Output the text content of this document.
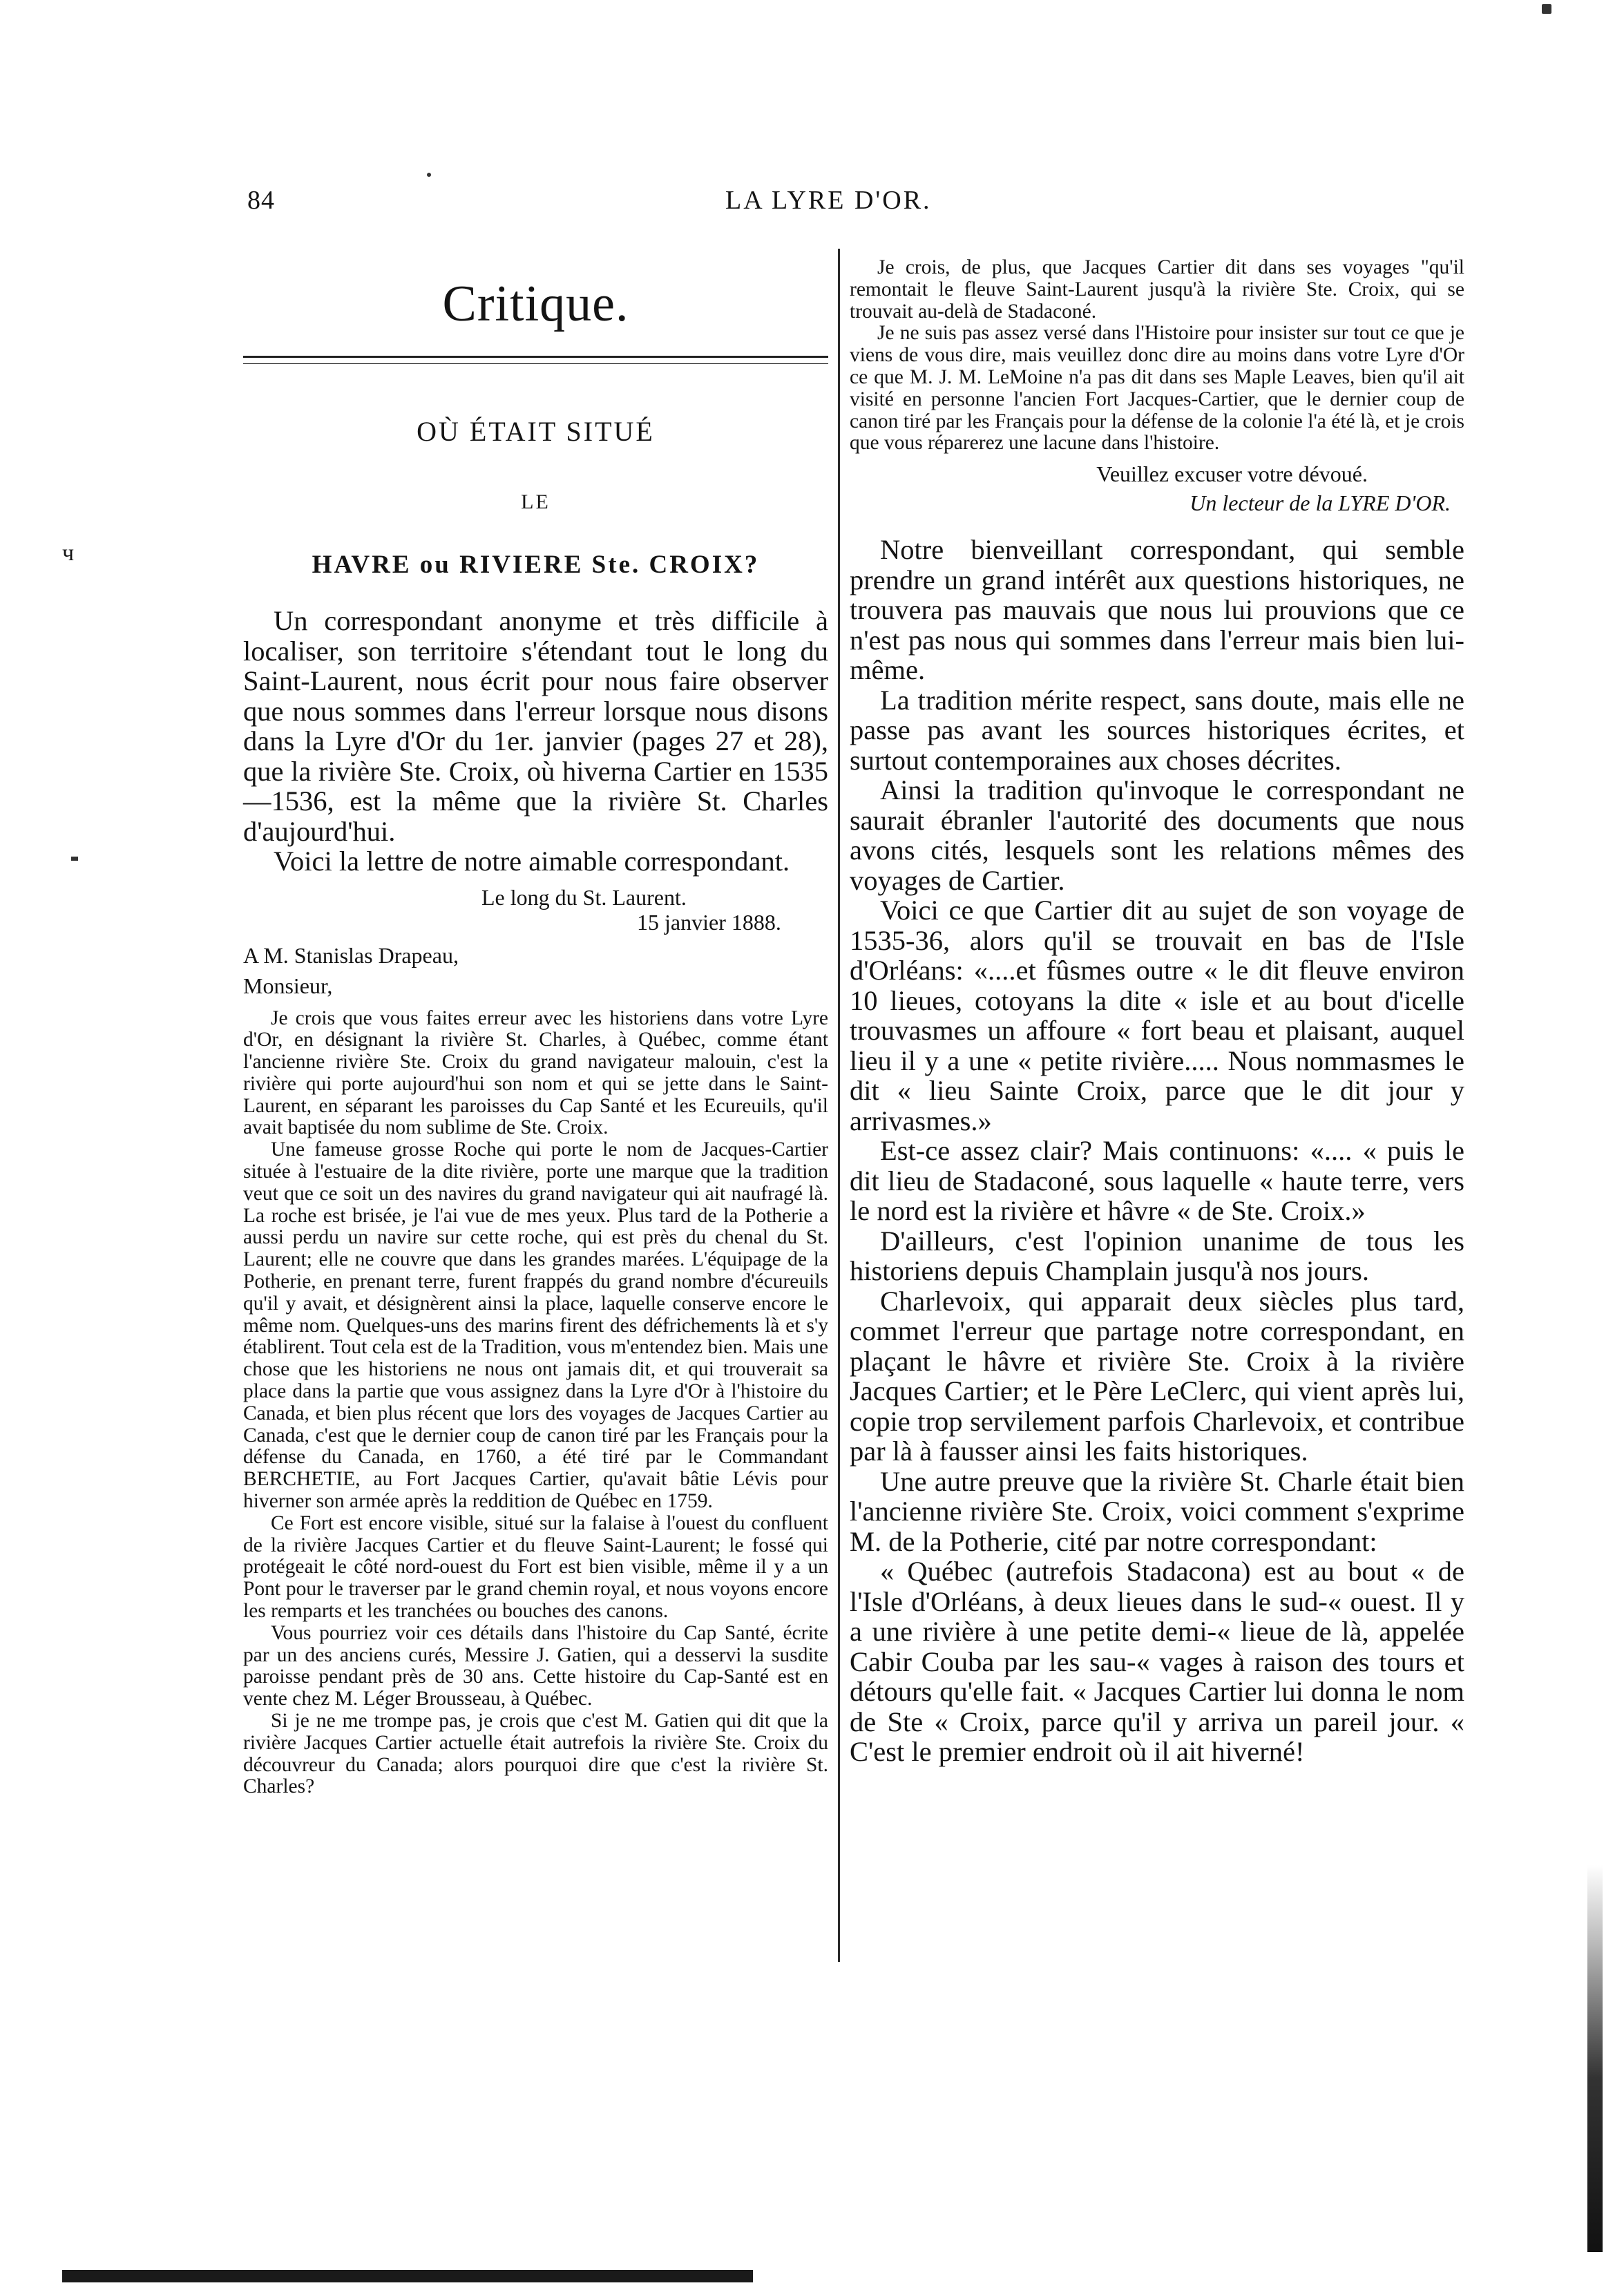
ч
84	LA LYRE D'OR.
Critique.
OÙ ÉTAIT SITUÉ
LE
HAVRE ou RIVIERE Ste. CROIX?

Un correspondant anonyme et très difficile à localiser, son territoire s'étendant tout le long du Saint-Laurent, nous écrit pour nous faire observer que nous sommes dans l'erreur lorsque nous disons dans la Lyre d'Or du 1er. janvier (pages 27 et 28), que la rivière Ste. Croix, où hiverna Cartier en 1535—1536, est la même que la rivière St. Charles d'aujourd'hui.

Voici la lettre de notre aimable correspondant.

Le long du St. Laurent.
15 janvier 1888.
A M. Stanislas Drapeau,
Monsieur,

Je crois que vous faites erreur avec les historiens dans votre Lyre d'Or, en désignant la rivière St. Charles, à Québec, comme étant l'ancienne rivière Ste. Croix du grand navigateur malouin, c'est la rivière qui porte aujourd'hui son nom et qui se jette dans le Saint-Laurent, en séparant les paroisses du Cap Santé et les Ecureuils, qu'il avait baptisée du nom sublime de Ste. Croix.

Une fameuse grosse Roche qui porte le nom de Jacques-Cartier située à l'estuaire de la dite rivière, porte une marque que la tradition veut que ce soit un des navires du grand navigateur qui ait naufragé là. La roche est brisée, je l'ai vue de mes yeux. Plus tard de la Potherie a aussi perdu un navire sur cette roche, qui est près du chenal du St. Laurent; elle ne couvre que dans les grandes marées. L'équipage de la Potherie, en prenant terre, furent frappés du grand nombre d'écureuils qu'il y avait, et désignèrent ainsi la place, laquelle conserve encore le même nom. Quelques-uns des marins firent des défrichements là et s'y établirent. Tout cela est de la Tradition, vous m'entendez bien. Mais une chose que les historiens ne nous ont jamais dit, et qui trouverait sa place dans la partie que vous assignez dans la Lyre d'Or à l'histoire du Canada, et bien plus récent que lors des voyages de Jacques Cartier au Canada, c'est que le dernier coup de canon tiré par les Français pour la défense du Canada, en 1760, a été tiré par le Commandant BERCHETIE, au Fort Jacques Cartier, qu'avait bâtie Lévis pour hiverner son armée après la reddition de Québec en 1759.

Ce Fort est encore visible, situé sur la falaise à l'ouest du confluent de la rivière Jacques Cartier et du fleuve Saint-Laurent; le fossé qui protégeait le côté nord-ouest du Fort est bien visible, même il y a un Pont pour le traverser par le grand chemin royal, et nous voyons encore les remparts et les tranchées ou bouches des canons.

Vous pourriez voir ces détails dans l'histoire du Cap Santé, écrite par un des anciens curés, Messire J. Gatien, qui a desservi la susdite paroisse pendant près de 30 ans. Cette histoire du Cap-Santé est en vente chez M. Léger Brousseau, à Québec.

Si je ne me trompe pas, je crois que c'est M. Gatien qui dit que la rivière Jacques Cartier actuelle était autrefois la rivière Ste. Croix du découvreur du Canada; alors pourquoi dire que c'est la rivière St. Charles?

Je crois, de plus, que Jacques Cartier dit dans ses voyages "qu'il remontait le fleuve Saint-Laurent jusqu'à la rivière Ste. Croix, qui se trouvait au-delà de Stadaconé.

Je ne suis pas assez versé dans l'Histoire pour insister sur tout ce que je viens de vous dire, mais veuillez donc dire au moins dans votre Lyre d'Or ce que M. J. M. LeMoine n'a pas dit dans ses Maple Leaves, bien qu'il ait visité en personne l'ancien Fort Jacques-Cartier, que le dernier coup de canon tiré par les Français pour la défense de la colonie l'a été là, et je crois que vous réparerez une lacune dans l'histoire.

Veuillez excuser votre dévoué.
Un lecteur de la LYRE D'OR.

Notre bienveillant correspondant, qui semble prendre un grand intérêt aux questions historiques, ne trouvera pas mauvais que nous lui prouvions que ce n'est pas nous qui sommes dans l'erreur mais bien lui-même.

La tradition mérite respect, sans doute, mais elle ne passe pas avant les sources historiques écrites, et surtout contemporaines aux choses décrites.

Ainsi la tradition qu'invoque le correspondant ne saurait ébranler l'autorité des documents que nous avons cités, lesquels sont les relations mêmes des voyages de Cartier.

Voici ce que Cartier dit au sujet de son voyage de 1535-36, alors qu'il se trouvait en bas de l'Isle d'Orléans: «....et fûsmes outre « le dit fleuve environ 10 lieues, cotoyans la dite « isle et au bout d'icelle trouvasmes un affoure « fort beau et plaisant, auquel lieu il y a une « petite rivière..... Nous nommasmes le dit « lieu Sainte Croix, parce que le dit jour y arrivasmes.»

Est-ce assez clair? Mais continuons: «.... « puis le dit lieu de Stadaconé, sous laquelle « haute terre, vers le nord est la rivière et hâvre « de Ste. Croix.»

D'ailleurs, c'est l'opinion unanime de tous les historiens depuis Champlain jusqu'à nos jours.

Charlevoix, qui apparait deux siècles plus tard, commet l'erreur que partage notre correspondant, en plaçant le hâvre et rivière Ste. Croix à la rivière Jacques Cartier; et le Père LeClerc, qui vient après lui, copie trop servilement parfois Charlevoix, et contribue par là à fausser ainsi les faits historiques.

Une autre preuve que la rivière St. Charle était bien l'ancienne rivière Ste. Croix, voici comment s'exprime M. de la Potherie, cité par notre correspondant:

« Québec (autrefois Stadacona) est au bout « de l'Isle d'Orléans, à deux lieues dans le sud-« ouest. Il y a une rivière à une petite demi-« lieue de là, appelée Cabir Couba par les sau-« vages à raison des tours et détours qu'elle fait. « Jacques Cartier lui donna le nom de Ste « Croix, parce qu'il y arriva un pareil jour. « C'est le premier endroit où il ait hiverné!
